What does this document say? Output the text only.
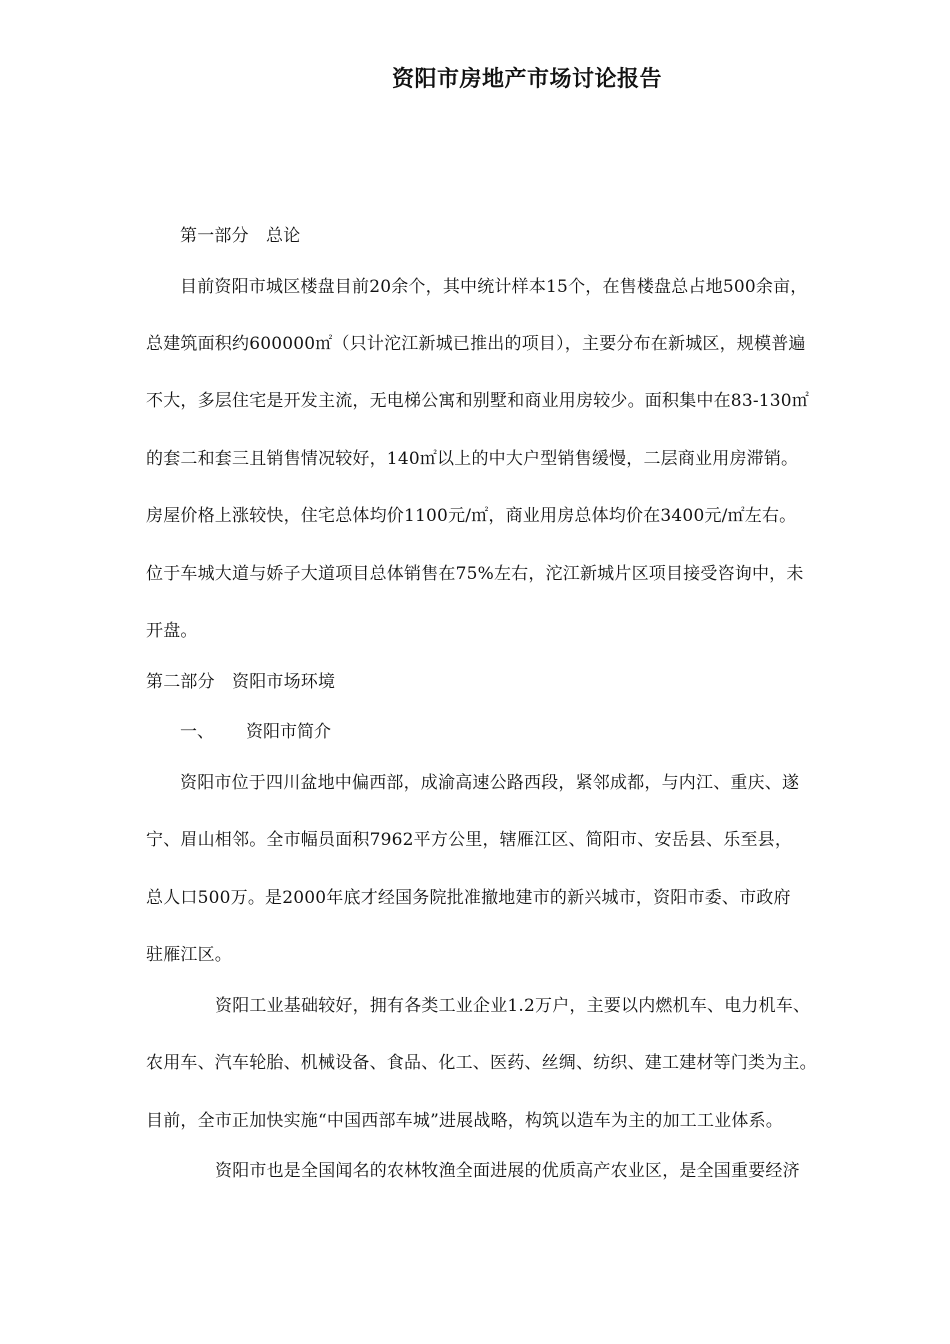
资阳市房地产市场讨论报告
第一部分　总论
目前资阳市城区楼盘目前20余个，其中统计样本15个，在售楼盘总占地500余亩，
总建筑面积约600000㎡（只计沱江新城已推出的项目），主要分布在新城区，规模普遍
不大，多层住宅是开发主流，无电梯公寓和别墅和商业用房较少。面积集中在83-130㎡
的套二和套三且销售情况较好，140㎡以上的中大户型销售缓慢，二层商业用房滞销。
房屋价格上涨较快，住宅总体均价1100元/㎡，商业用房总体均价在3400元/㎡左右。
位于车城大道与娇子大道项目总体销售在75%左右，沱江新城片区项目接受咨询中，未
开盘。
第二部分　资阳市场环境
一、 资阳市简介
资阳市位于四川盆地中偏西部，成渝高速公路西段，紧邻成都，与内江、重庆、遂
宁、眉山相邻。全市幅员面积7962平方公里，辖雁江区、简阳市、安岳县、乐至县，
总人口500万。是2000年底才经国务院批准撤地建市的新兴城市，资阳市委、市政府
驻雁江区。
资阳工业基础较好，拥有各类工业企业1.2万户，主要以内燃机车、电力机车、
农用车、汽车轮胎、机械设备、食品、化工、医药、丝绸、纺织、建工建材等门类为主。
目前，全市正加快实施“中国西部车城”进展战略，构筑以造车为主的加工工业体系。
资阳市也是全国闻名的农林牧渔全面进展的优质高产农业区，是全国重要经济
